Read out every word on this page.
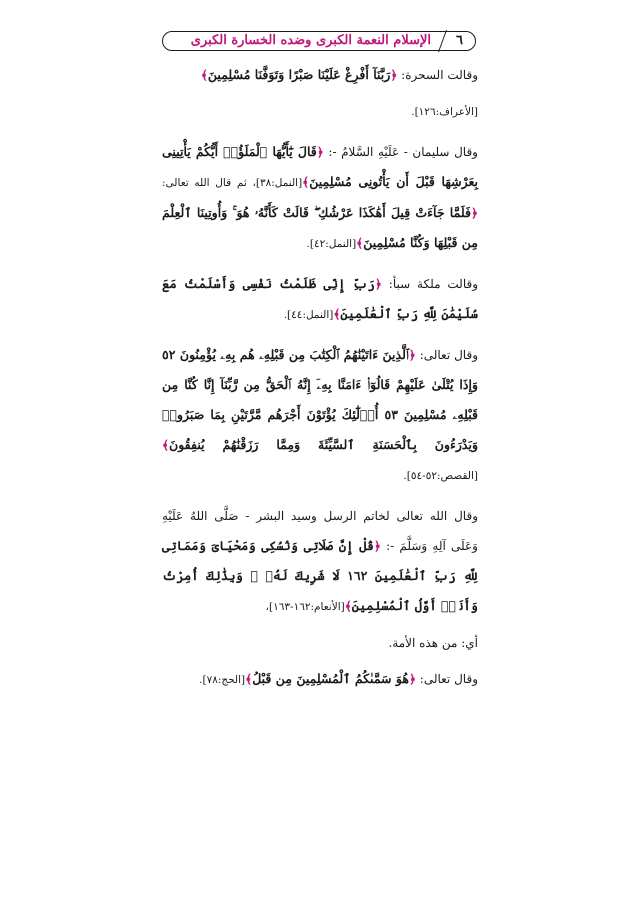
الإسلام النعمة الكبرى وضده الخسارة الكبرى ٦

وقالت السحرة: ﴿رَبَّنَآ أَفْرِغْ عَلَيْنَا صَبْرًا وَتَوَفَّنَا مُسْلِمِينَ﴾

[الأعراف:١٢٦].

وقال سليمان - عَلَيْهِ السَّلامُ -: ﴿قَالَ يَٰٓأَيُّهَا ٱلْمَلَؤُا۟ أَيُّكُمْ يَأْتِينِى بِعَرْشِهَا قَبْلَ أَن يَأْتُونِى مُسْلِمِينَ﴾[النمل:٣٨]، ثم قال الله تعالى: ﴿فَلَمَّا جَآءَتْ قِيلَ أَهَٰكَذَا عَرْشُكِ ۖ قَالَتْ كَأَنَّهُۥ هُوَ ۚ وَأُوتِينَا ٱلْعِلْمَ مِن قَبْلِهَا وَكُنَّا مُسْلِمِينَ﴾[النمل:٤٢].

وقالت ملكة سبأ: ﴿رَبِّ إِنِّى ظَلَمْتُ نَفْسِى وَأَسْلَمْتُ مَعَ سُلَيْمَٰنَ لِلَّهِ رَبِّ ٱلْعَٰلَمِينَ﴾[النمل:٤٤].

وقال تعالى: ﴿ٱلَّذِينَ ءَاتَيْنَٰهُمُ ٱلْكِتَٰبَ مِن قَبْلِهِۦ هُم بِهِۦ يُؤْمِنُونَ ٥٢ وَإِذَا يُتْلَىٰ عَلَيْهِمْ قَالُوٓا۟ ءَامَنَّا بِهِۦٓ إِنَّهُ ٱلْحَقُّ مِن رَّبِّنَآ إِنَّا كُنَّا مِن قَبْلِهِۦ مُسْلِمِينَ ٥٣ أُو۟لَٰٓئِكَ يُؤْتَوْنَ أَجْرَهُم مَّرَّتَيْنِ بِمَا صَبَرُوا۟ وَيَدْرَءُونَ بِٱلْحَسَنَةِ ٱلسَّيِّئَةَ وَمِمَّا رَزَقْنَٰهُمْ يُنفِقُونَ﴾[القصص:٥٢-٥٤].

وقال الله تعالى لخاتم الرسل وسيد البشر - صَلَّى اللهُ عَلَيْهِ وَعَلَى آلِهِ وَسَلَّمَ -: ﴿قُلْ إِنَّ صَلَاتِى وَنُسُكِى وَمَحْيَاىَ وَمَمَاتِى لِلَّهِ رَبِّ ٱلْعَٰلَمِينَ ١٦٢ لَا شَرِيكَ لَهُۥ ۖ وَبِذَٰلِكَ أُمِرْتُ وَأَنَا۠ أَوَّلُ ٱلْمُسْلِمِينَ﴾[الأنعام:١٦٢-١٦٣]،

أي: من هذه الأمة.

وقال تعالى: ﴿هُوَ سَمَّىٰكُمُ ٱلْمُسْلِمِينَ مِن قَبْلُ﴾[الحج:٧٨].
